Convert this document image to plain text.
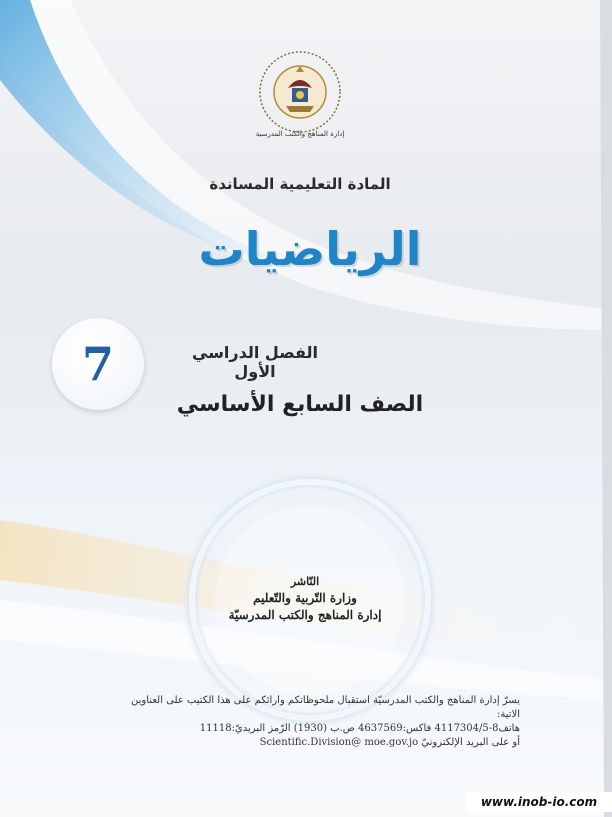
إدارة المناهج والكتب المدرسية
المادة التعليمية المساندة
الرياضيات
7	الفصل الدراسي الأول
الصف السابع الأساسي
النّاشر
وزارة التّربية والتّعليم
إدارة المناهج والكتب المدرسيّة
يسرّ إدارة المناهج والكتب المدرسيّة استقبال ملحوظاتكم وارائكم على هذا الكتيب على العناوين الاتية:
هاتف8-4117304/5 فاكس:4637569 ص.ب (1930) الرّمز البريديّ:11118
أو على البريد الإلكترونيّ Scientific.Division@ moe.gov.jo
www.inob-io.com
